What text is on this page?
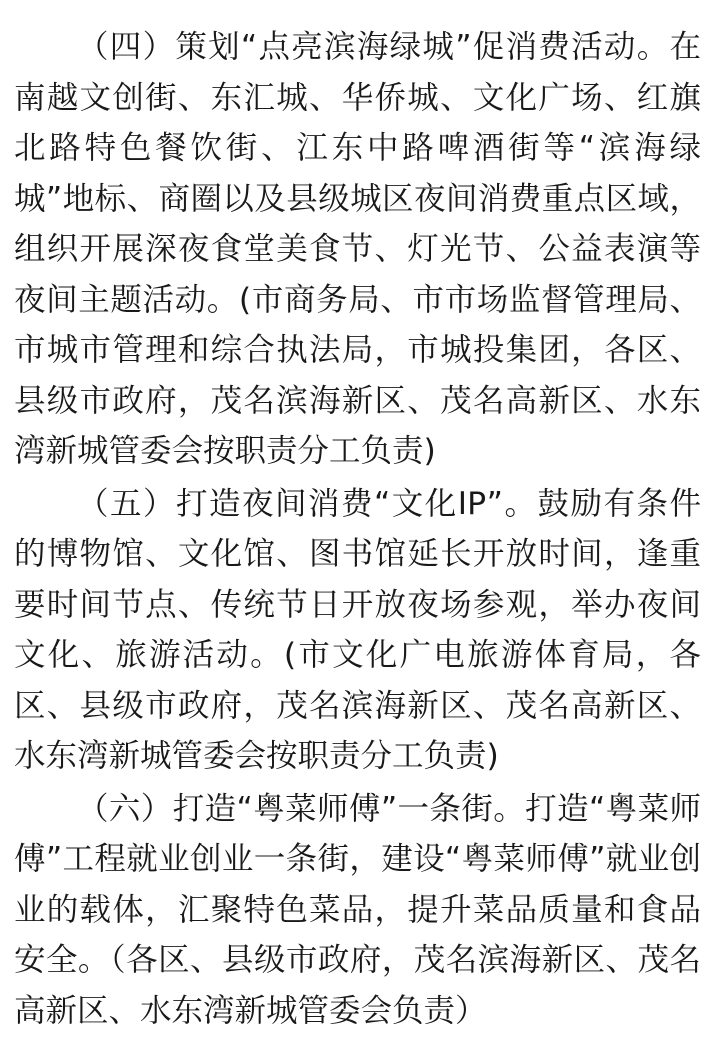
（四）策划“点亮滨海绿城”促消费活动。在南越文创街、东汇城、华侨城、文化广场、红旗北路特色餐饮街、江东中路啤酒街等“滨海绿城”地标、商圈以及县级城区夜间消费重点区域，组织开展深夜食堂美食节、灯光节、公益表演等夜间主题活动。(市商务局、市市场监督管理局、市城市管理和综合执法局，市城投集团，各区、县级市政府，茂名滨海新区、茂名高新区、水东湾新城管委会按职责分工负责)

（五）打造夜间消费“文化IP”。鼓励有条件的博物馆、文化馆、图书馆延长开放时间，逢重要时间节点、传统节日开放夜场参观，举办夜间文化、旅游活动。(市文化广电旅游体育局，各区、县级市政府，茂名滨海新区、茂名高新区、水东湾新城管委会按职责分工负责)

（六）打造“粤菜师傅”一条街。打造“粤菜师傅”工程就业创业一条街，建设“粤菜师傅”就业创业的载体，汇聚特色菜品，提升菜品质量和食品安全。（各区、县级市政府，茂名滨海新区、茂名高新区、水东湾新城管委会负责）
